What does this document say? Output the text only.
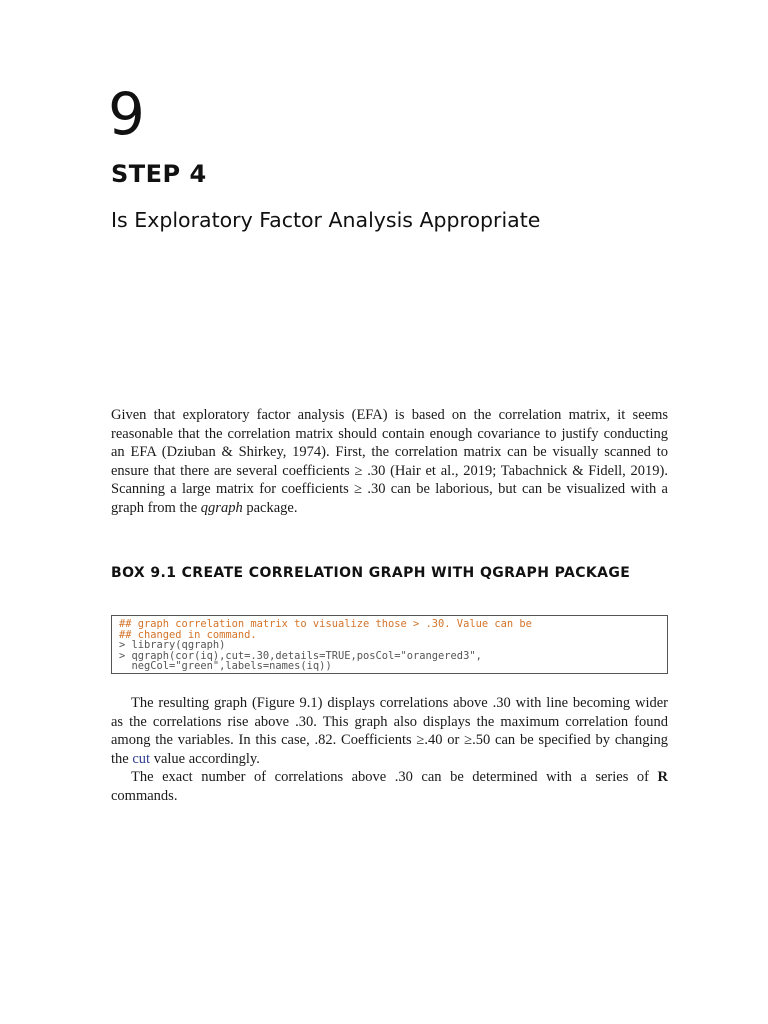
9
STEP 4
Is Exploratory Factor Analysis Appropriate

Given that exploratory factor analysis (EFA) is based on the correlation matrix, it seems reasonable that the correlation matrix should contain enough covariance to justify conducting an EFA (Dziuban & Shirkey, 1974). First, the correlation matrix can be visually scanned to ensure that there are several coefficients ≥ .30 (Hair et al., 2019; Tabachnick & Fidell, 2019). Scanning a large matrix for coefficients ≥ .30 can be laborious, but can be visualized with a graph from the qgraph package.

BOX 9.1 CREATE CORRELATION GRAPH WITH QGRAPH PACKAGE
## graph correlation matrix to visualize those > .30. Value can be
## changed in command.
> library(qgraph)
> qgraph(cor(iq),cut=.30,details=TRUE,posCol="orangered3",
negCol="green",labels=names(iq))

The resulting graph (Figure 9.1) displays correlations above .30 with line becoming wider as the correlations rise above .30. This graph also displays the maximum correlation found among the variables. In this case, .82. Coefficients ≥.40 or ≥.50 can be specified by changing the cut value accordingly.

The exact number of correlations above .30 can be determined with a series of R commands.
